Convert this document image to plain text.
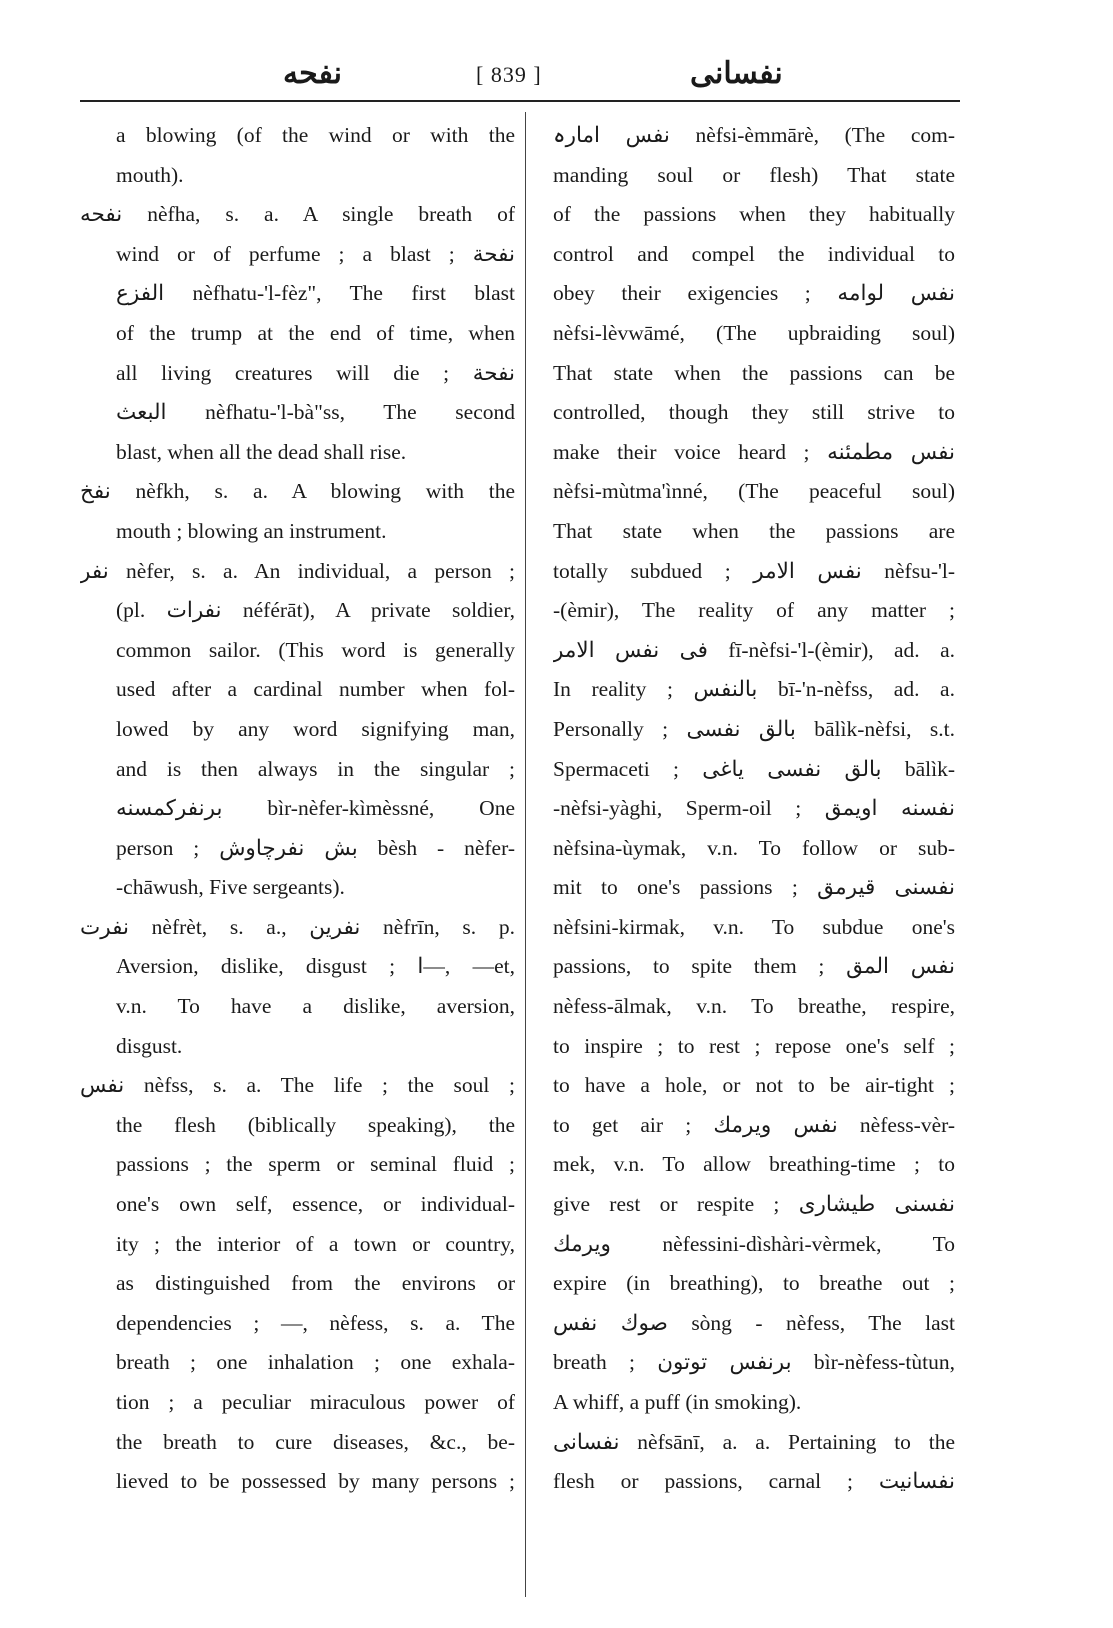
نفحه	[ 839 ]	نفسانی
a blowing (of the wind or with the
mouth).
نفحه nèfha, s. a. A single breath of
wind or of perfume ; a blast ; نفحة
الفزع nèfhatu-'l-fèz", The first blast
of the trump at the end of time, when
all living creatures will die ; نفحة
البعث nèfhatu-'l-bà"ss, The second
blast, when all the dead shall rise.
نفخ nèfkh, s. a. A blowing with the
mouth ; blowing an instrument.
نفر nèfer, s. a. An individual, a person ;
(pl. نفرات néférāt), A private soldier,
common sailor. (This word is generally
used after a cardinal number when fol-
lowed by any word signifying man,
and is then always in the singular ;
برنفركمسنه bìr-nèfer-kìmèssné, One
person ; بش نفرچاوش bèsh - nèfer-
-chāwush, Five sergeants).
نفرت nèfrèt, s. a., نفرين nèfrīn, s. p.
Aversion, dislike, disgust ; ا—, —et,
v.n. To have a dislike, aversion,
disgust.
نفس nèfss, s. a. The life ; the soul ;
the flesh (biblically speaking), the
passions ; the sperm or seminal fluid ;
one's own self, essence, or individual-
ity ; the interior of a town or country,
as distinguished from the environs or
dependencies ; —, nèfess, s. a. The
breath ; one inhalation ; one exhala-
tion ; a peculiar miraculous power of
the breath to cure diseases, &c., be-
lieved to be possessed by many persons ;
نفس امارہ nèfsi-èmmārè, (The com-
manding soul or flesh) That state
of the passions when they habitually
control and compel the individual to
obey their exigencies ; نفس لوامه
nèfsi-lèvwāmé, (The upbraiding soul)
That state when the passions can be
controlled, though they still strive to
make their voice heard ; نفس مطمئنه
nèfsi-mùtma'ìnné, (The peaceful soul)
That state when the passions are
totally subdued ; نفس الامر nèfsu-'l-
-(èmir), The reality of any matter ;
فی نفس الامر fī-nèfsi-'l-(èmir), ad. a.
In reality ; بالنفس bī-'n-nèfss, ad. a.
Personally ; بالق نفسی bālìk-nèfsi, s.t.
Spermaceti ; بالق نفسی یاغی bālìk-
-nèfsi-yàghi, Sperm-oil ; نفسنه اویمق
nèfsina-ùymak, v.n. To follow or sub-
mit to one's passions ; نفسنی قیرمق
nèfsini-kirmak, v.n. To subdue one's
passions, to spite them ; نفس المق
nèfess-ālmak, v.n. To breathe, respire,
to inspire ; to rest ; repose one's self ;
to have a hole, or not to be air-tight ;
to get air ; نفس ويرمك nèfess-vèr-
mek, v.n. To allow breathing-time ; to
give rest or respite ; نفسنی طیشاری
ويرمك nèfessini-dìshàri-vèrmek, To
expire (in breathing), to breathe out ;
صوك نفس sòng - nèfess, The last
breath ; برنفس توتون bìr-nèfess-tùtun,
A whiff, a puff (in smoking).
نفسانی nèfsānī, a. a. Pertaining to the
flesh or passions, carnal ; نفسانیت
